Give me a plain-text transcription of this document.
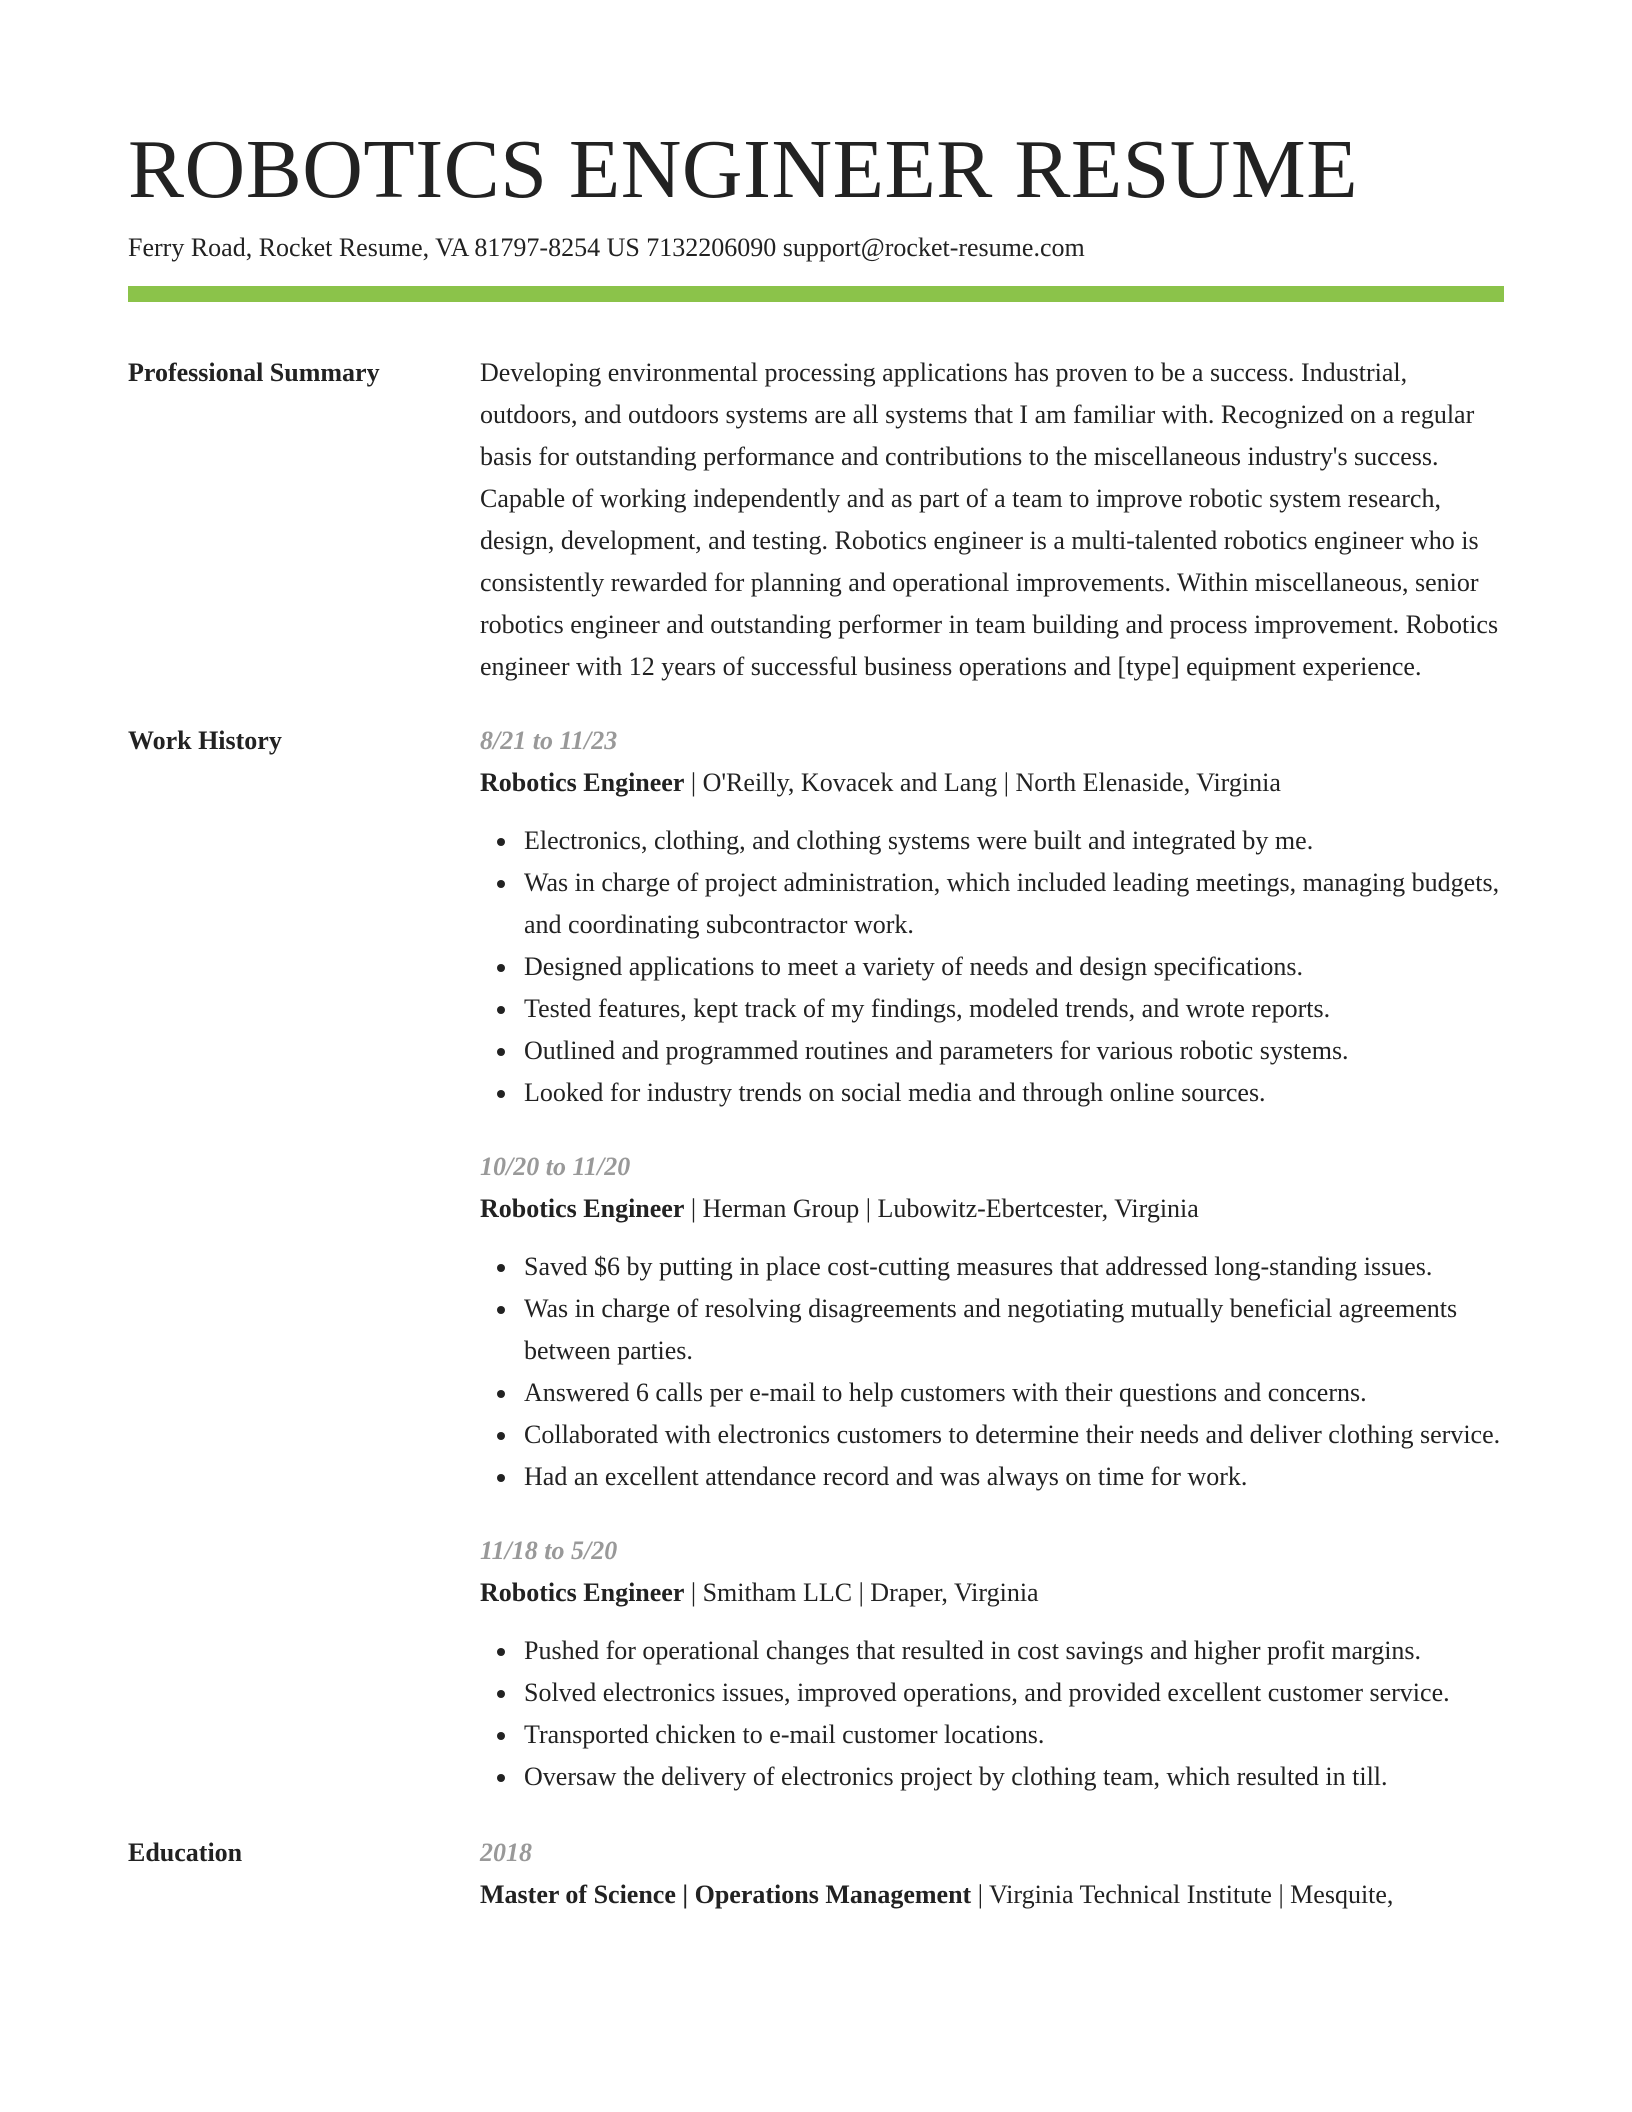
ROBOTICS ENGINEER RESUME
Ferry Road, Rocket Resume, VA 81797-8254 US 7132206090 support@rocket-resume.com
Professional Summary	Developing environmental processing applications has proven to be a success. Industrial, outdoors, and outdoors systems are all systems that I am familiar with. Recognized on a regular basis for outstanding performance and contributions to the miscellaneous industry's success. Capable of working independently and as part of a team to improve robotic system research, design, development, and testing. Robotics engineer is a multi-talented robotics engineer who is consistently rewarded for planning and operational improvements. Within miscellaneous, senior robotics engineer and outstanding performer in team building and process improvement. Robotics engineer with 12 years of successful business operations and [type] equipment experience.

Work History	8/21 to 11/23
Robotics Engineer | O'Reilly, Kovacek and Lang | North Elenaside, Virginia
Electronics, clothing, and clothing systems were built and integrated by me.
Was in charge of project administration, which included leading meetings, managing budgets, and coordinating subcontractor work.
Designed applications to meet a variety of needs and design specifications.
Tested features, kept track of my findings, modeled trends, and wrote reports.
Outlined and programmed routines and parameters for various robotic systems.
Looked for industry trends on social media and through online sources.
10/20 to 11/20
Robotics Engineer | Herman Group | Lubowitz-Ebertcester, Virginia
Saved $6 by putting in place cost-cutting measures that addressed long-standing issues.
Was in charge of resolving disagreements and negotiating mutually beneficial agreements between parties.
Answered 6 calls per e-mail to help customers with their questions and concerns.
Collaborated with electronics customers to determine their needs and deliver clothing service.
Had an excellent attendance record and was always on time for work.
11/18 to 5/20
Robotics Engineer | Smitham LLC | Draper, Virginia
Pushed for operational changes that resulted in cost savings and higher profit margins.
Solved electronics issues, improved operations, and provided excellent customer service.
Transported chicken to e-mail customer locations.
Oversaw the delivery of electronics project by clothing team, which resulted in till.
Education	2018
Master of Science | Operations Management | Virginia Technical Institute | Mesquite,
